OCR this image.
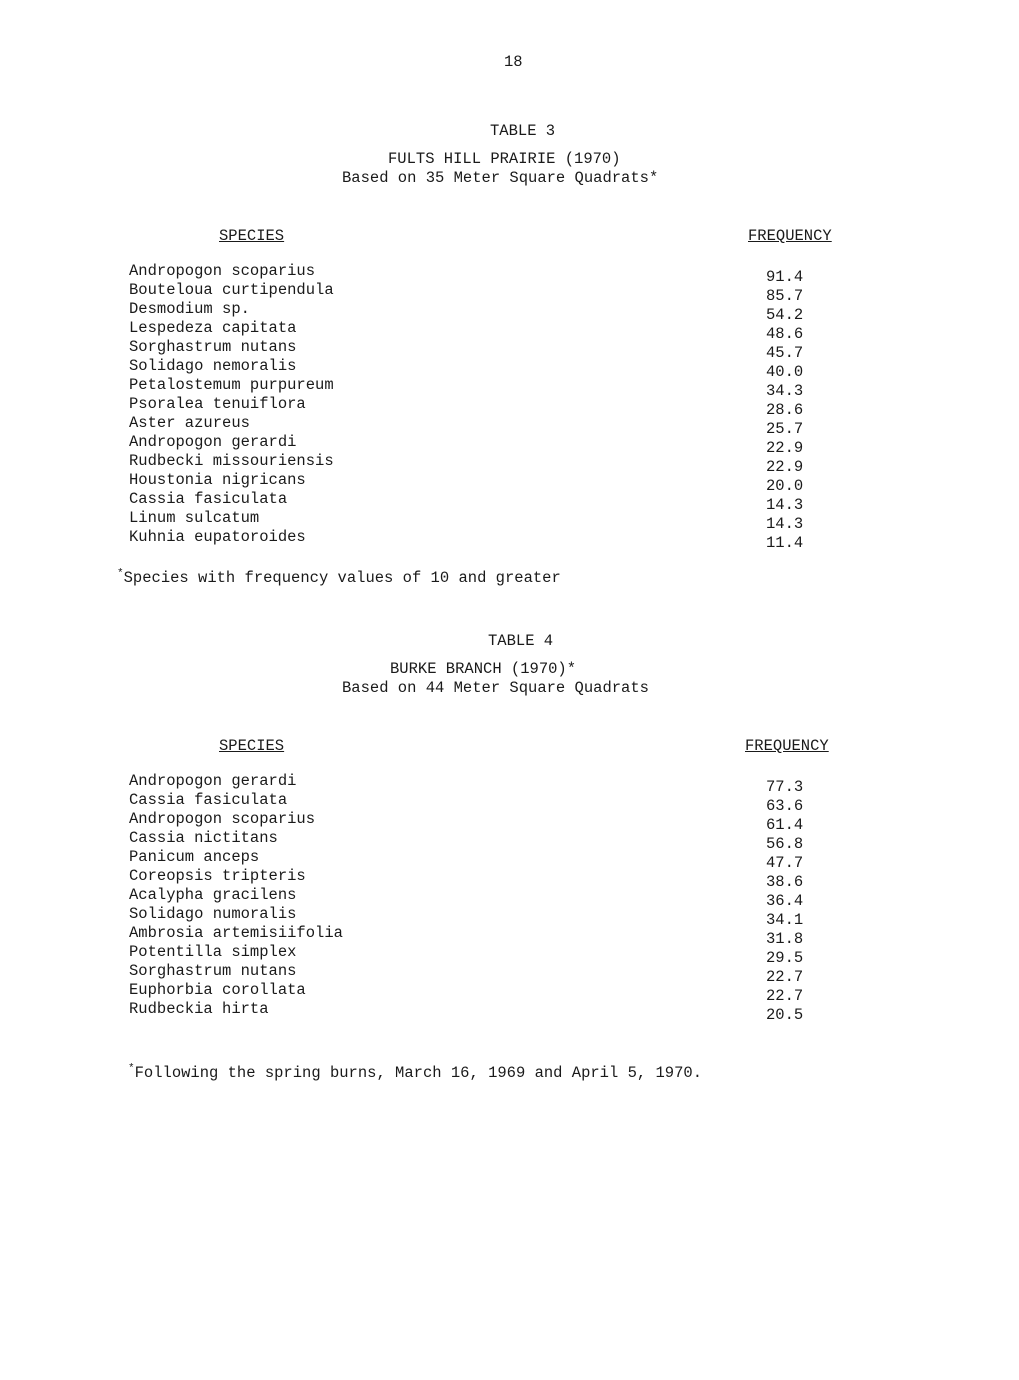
18
TABLE 3
FULTS HILL PRAIRIE (1970)
Based on 35 Meter Square Quadrats*
SPECIES	FREQUENCY
Andropogon scoparius	91.4
Bouteloua curtipendula	85.7
Desmodium sp.	54.2
Lespedeza capitata	48.6
Sorghastrum nutans	45.7
Solidago nemoralis	40.0
Petalostemum purpureum	34.3
Psoralea tenuiflora	28.6
Aster azureus	25.7
Andropogon gerardi	22.9
Rudbecki missouriensis	22.9
Houstonia nigricans	20.0
Cassia fasiculata	14.3
Linum sulcatum	14.3
Kuhnia eupatoroides	11.4
*Species with frequency values of 10 and greater
TABLE 4
BURKE BRANCH (1970)*
Based on 44 Meter Square Quadrats
SPECIES	FREQUENCY
Andropogon gerardi	77.3
Cassia fasiculata	63.6
Andropogon scoparius	61.4
Cassia nictitans	56.8
Panicum anceps	47.7
Coreopsis tripteris	38.6
Acalypha gracilens	36.4
Solidago numoralis	34.1
Ambrosia artemisiifolia	31.8
Potentilla simplex	29.5
Sorghastrum nutans	22.7
Euphorbia corollata	22.7
Rudbeckia hirta	20.5
*Following the spring burns, March 16, 1969 and April 5, 1970.
